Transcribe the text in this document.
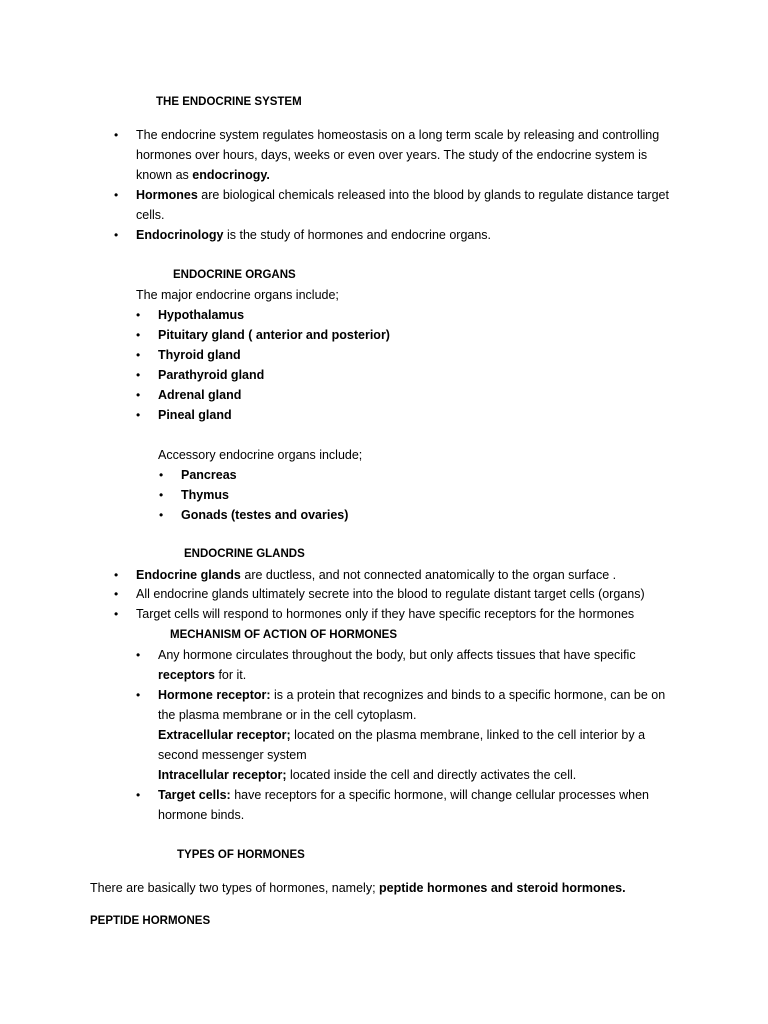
THE ENDOCRINE SYSTEM
• The endocrine system regulates homeostasis on a long term scale by releasing and controlling
hormones over hours, days, weeks or even over years. The study of the endocrine system is
known as endocrinogy.
• Hormones are biological chemicals released into the blood by glands to regulate distance target
cells.
• Endocrinology is the study of hormones and endocrine organs.
ENDOCRINE ORGANS
The major endocrine organs include;
• Hypothalamus
• Pituitary gland ( anterior and posterior)
• Thyroid gland
• Parathyroid gland
• Adrenal gland
• Pineal gland
Accessory endocrine organs include;
• Pancreas
• Thymus
• Gonads (testes and ovaries)
ENDOCRINE GLANDS
• Endocrine glands are ductless, and not connected anatomically to the organ surface .
• All endocrine glands ultimately secrete into the blood to regulate distant target cells (organs)
• Target cells will respond to hormones only if they have specific receptors for the hormones
MECHANISM OF ACTION OF HORMONES
• Any hormone circulates throughout the body, but only affects tissues that have specific
receptors for it.
• Hormone receptor: is a protein that recognizes and binds to a specific hormone, can be on
the plasma membrane or in the cell cytoplasm.
Extracellular receptor; located on the plasma membrane, linked to the cell interior by a
second messenger system
Intracellular receptor; located inside the cell and directly activates the cell.
• Target cells: have receptors for a specific hormone, will change cellular processes when
hormone binds.
TYPES OF HORMONES
There are basically two types of hormones, namely; peptide hormones and steroid hormones.
PEPTIDE HORMONES
